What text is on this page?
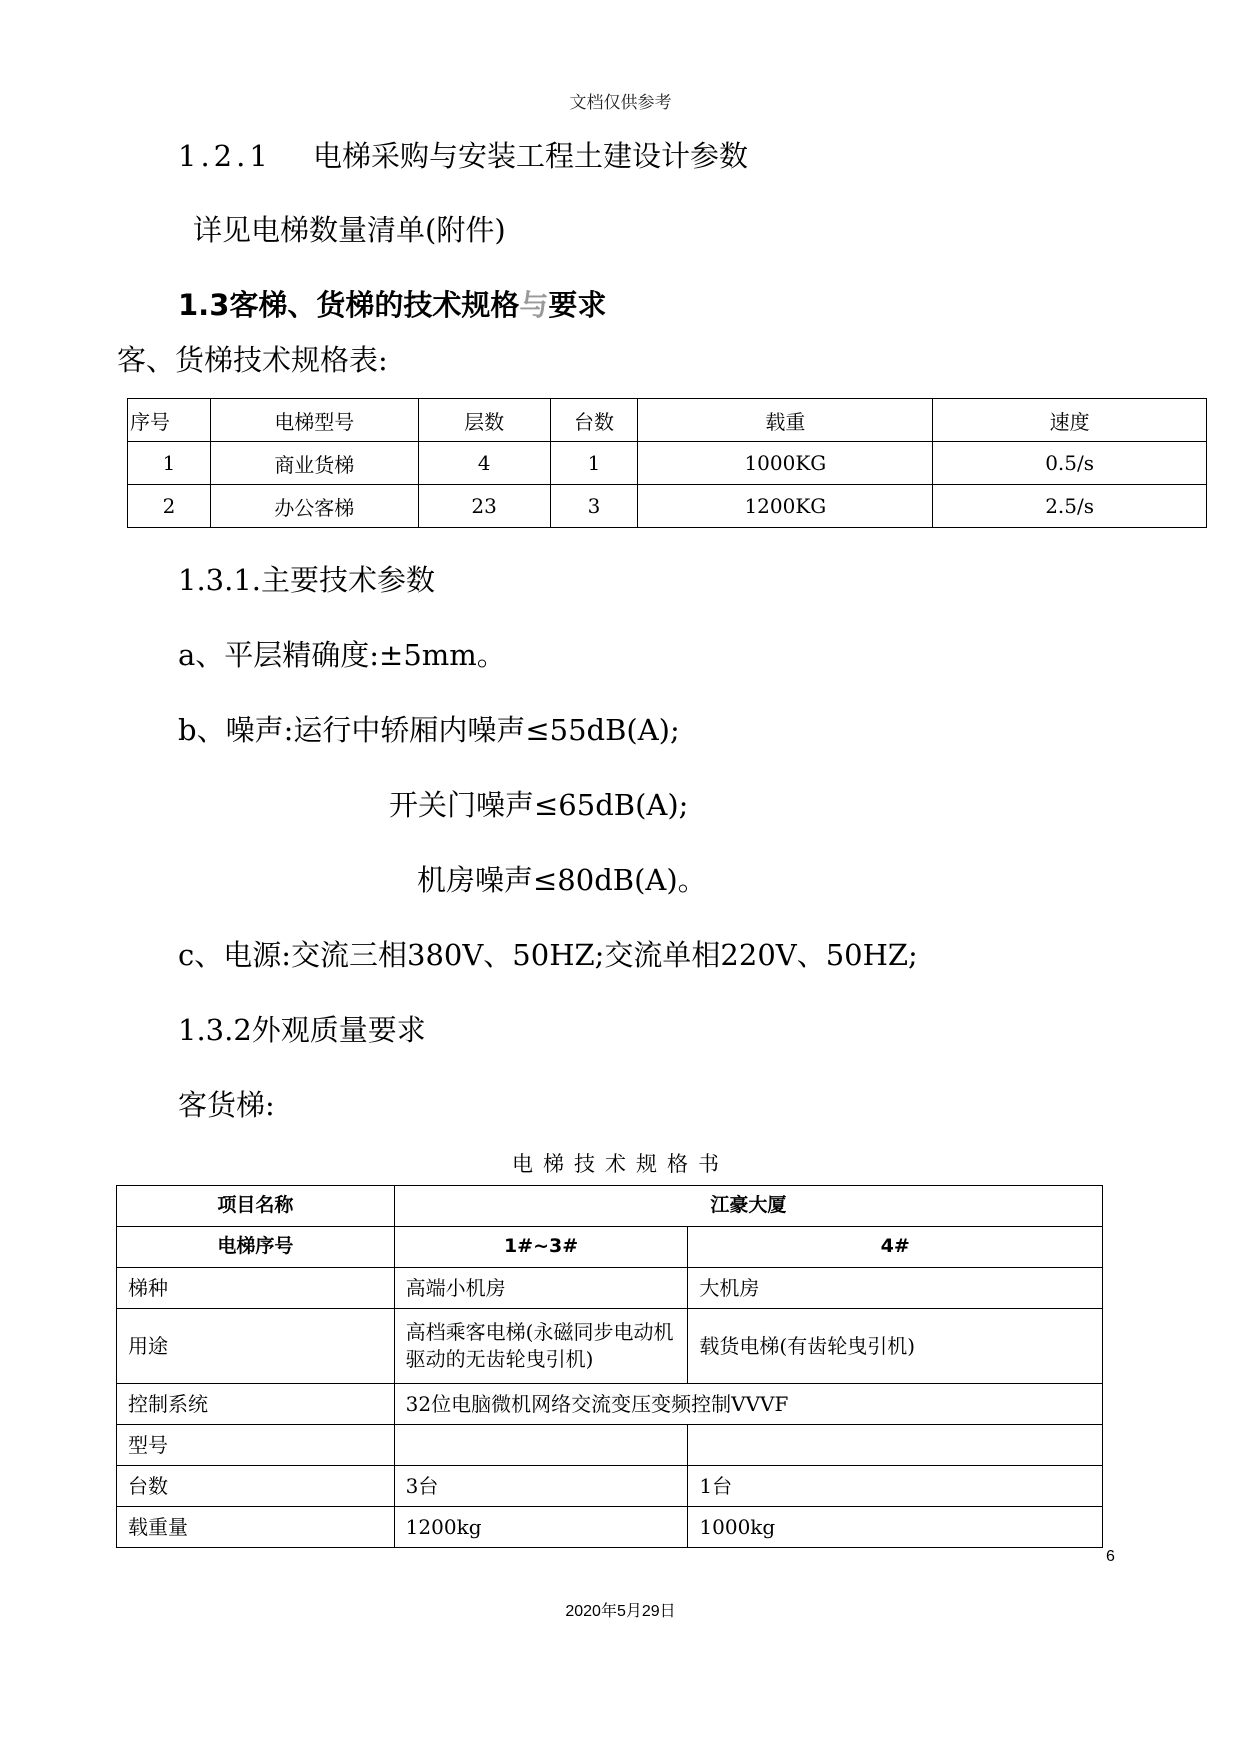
文档仅供参考
1.2.1 电梯采购与安装工程土建设计参数
详见电梯数量清单(附件)
1.3客梯、货梯的技术规格与要求
客、货梯技术规格表:
序号	电梯型号	层数	台数	载重	速度
1	商业货梯	4	1	1000KG	0.5/s
2	办公客梯	23	3	1200KG	2.5/s
1.3.1.主要技术参数
a、平层精确度:±5mm。
b、噪声:运行中轿厢内噪声≤55dB(A);
开关门噪声≤65dB(A);
机房噪声≤80dB(A)。
c、电源:交流三相380V、50HZ;交流单相220V、50HZ;
1.3.2外观质量要求
客货梯:
电梯技术规格书
项目名称	江豪大厦	
电梯序号	1#~3#	4#
梯种	高端小机房	大机房
用途	高档乘客电梯(永磁同步电动机驱动的无齿轮曳引机)	载货电梯(有齿轮曳引机)
控制系统	32位电脑微机网络交流变压变频控制VVVF	
型号		
台数	3台	1台
载重量	1200kg	1000kg
6
2020年5月29日
